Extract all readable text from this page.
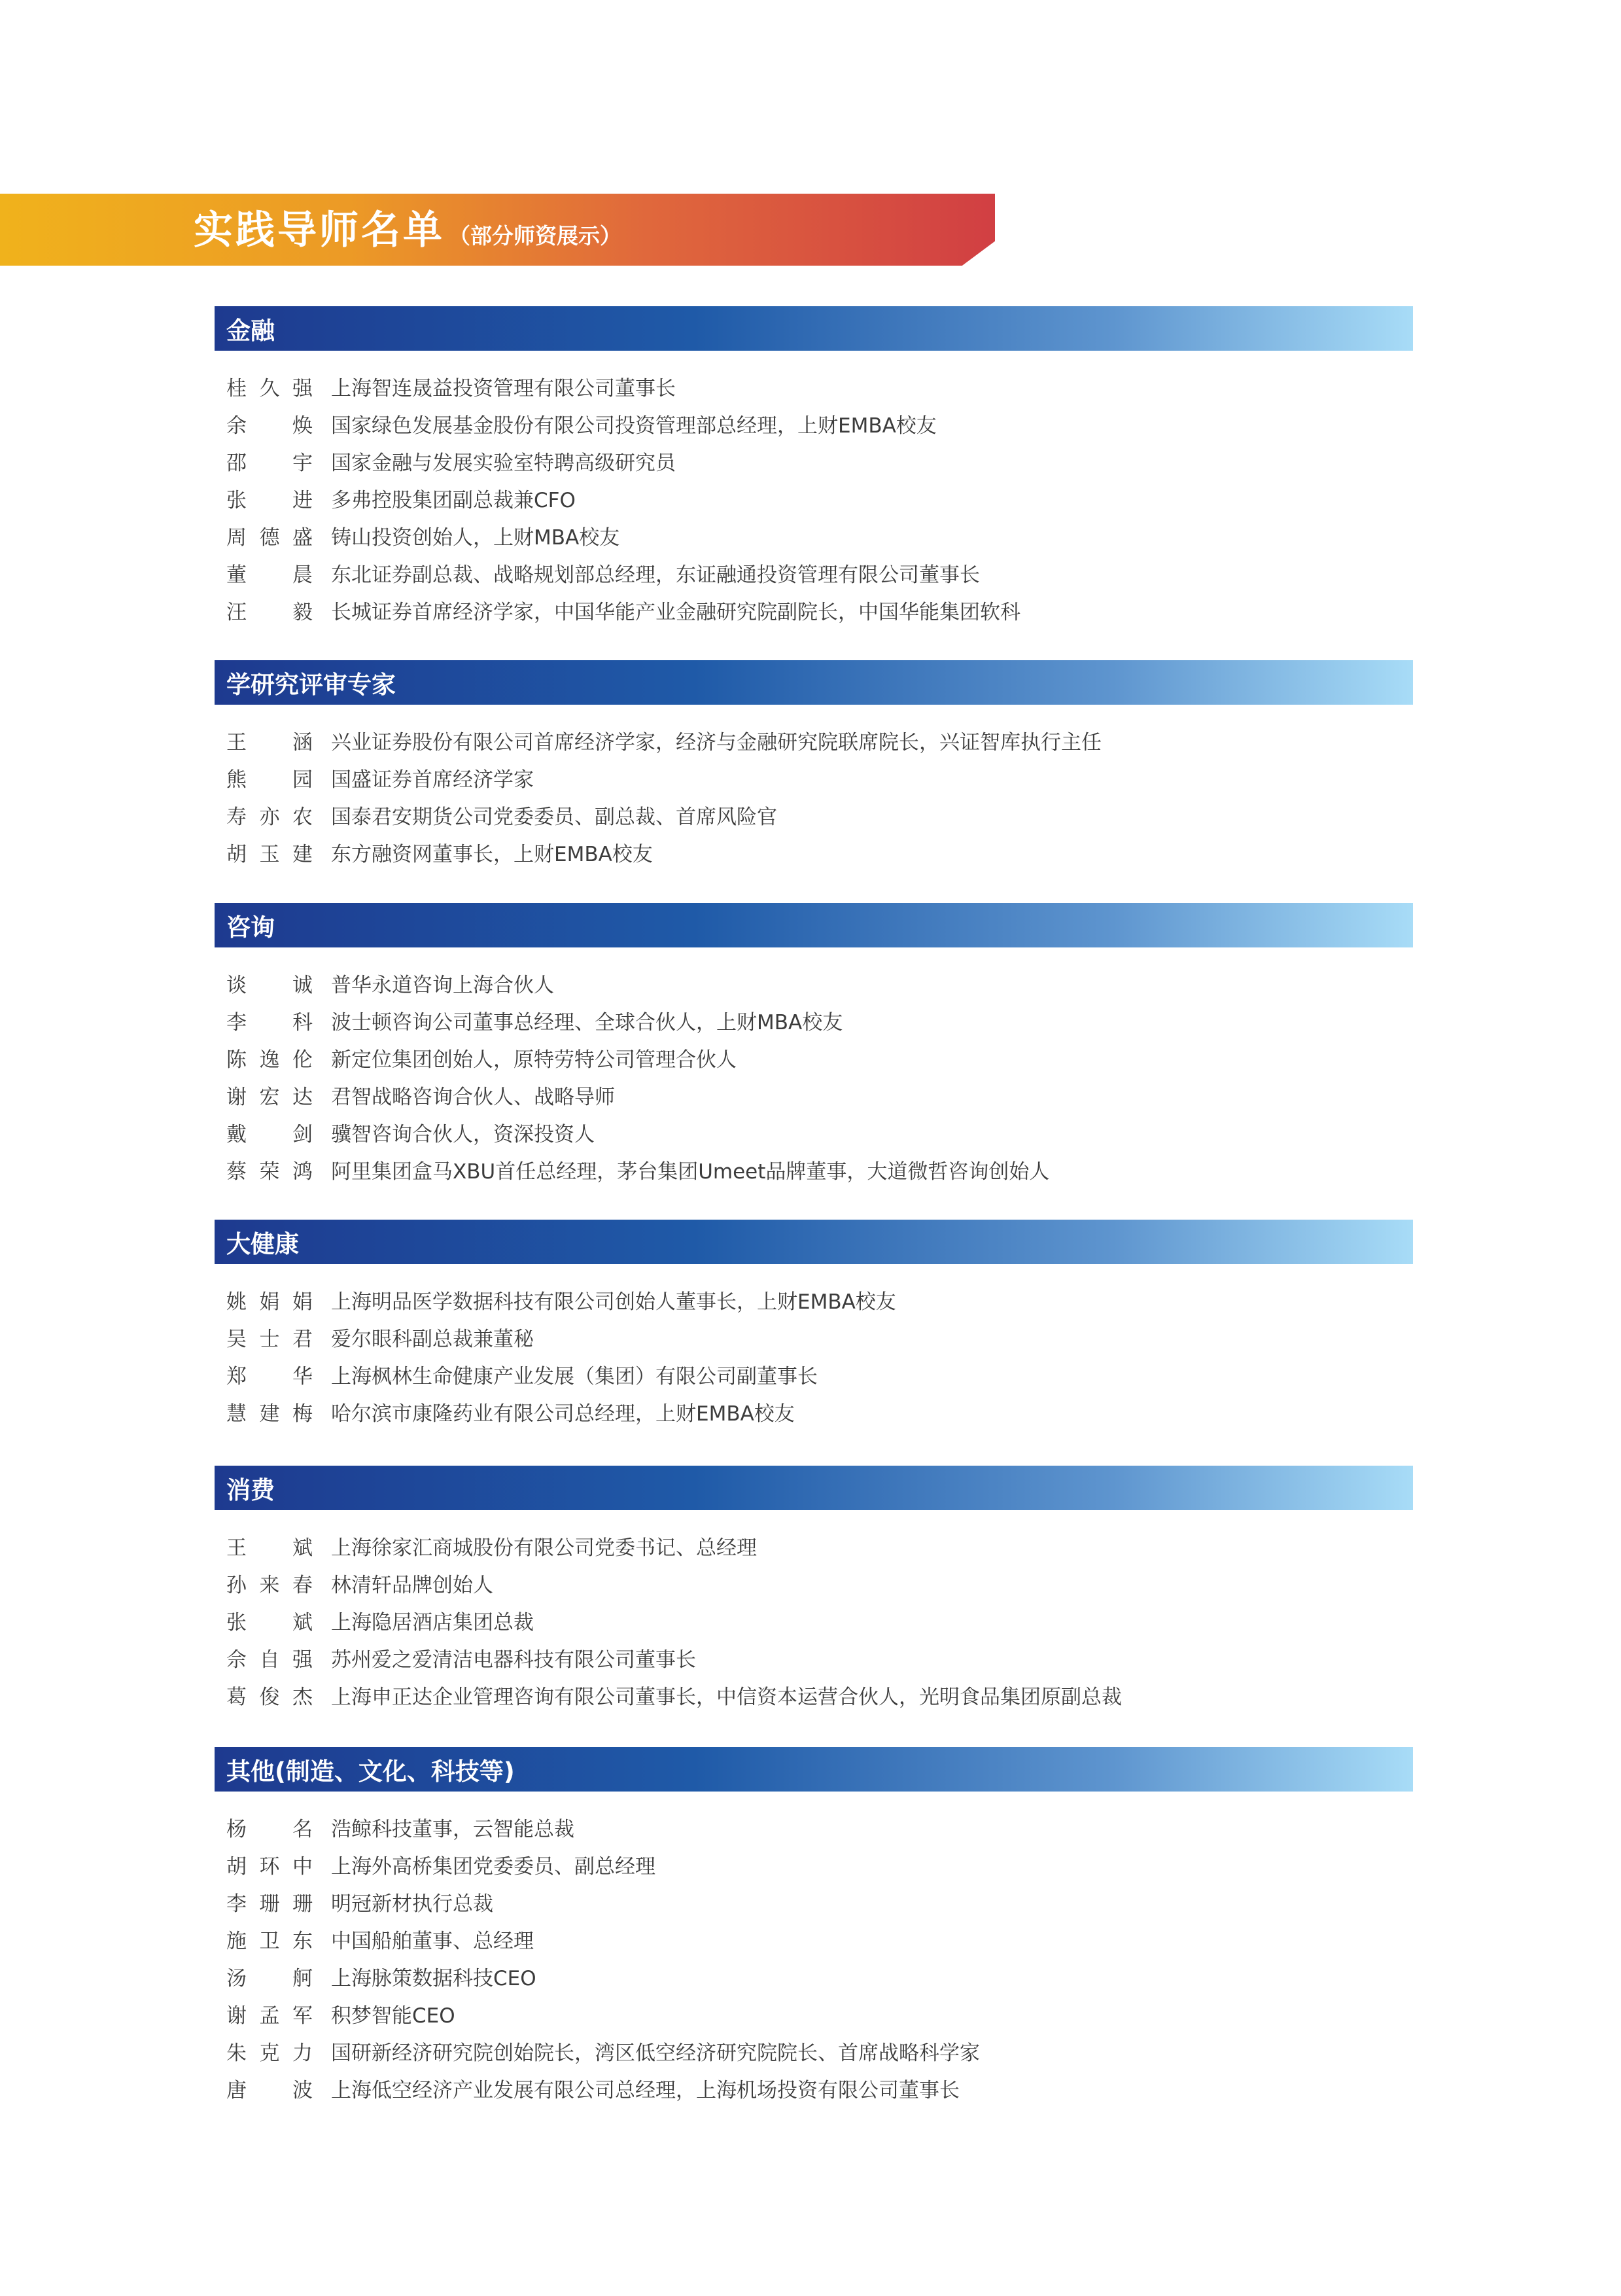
实践导师名单 （部分师资展示）
金融
桂久强 上海智连晟益投资管理有限公司董事长
余　焕 国家绿色发展基金股份有限公司投资管理部总经理，上财EMBA校友
邵　宇 国家金融与发展实验室特聘高级研究员
张　进 多弗控股集团副总裁兼CFO
周德盛 铸山投资创始人，上财MBA校友
董　晨 东北证券副总裁、战略规划部总经理，东证融通投资管理有限公司董事长
汪　毅 长城证券首席经济学家，中国华能产业金融研究院副院长，中国华能集团软科
学研究评审专家
王　涵 兴业证券股份有限公司首席经济学家，经济与金融研究院联席院长，兴证智库执行主任
熊　园 国盛证券首席经济学家
寿亦农 国泰君安期货公司党委委员、副总裁、首席风险官
胡玉建 东方融资网董事长，上财EMBA校友
咨询
谈　诚 普华永道咨询上海合伙人
李　科 波士顿咨询公司董事总经理、全球合伙人，上财MBA校友
陈逸伦 新定位集团创始人，原特劳特公司管理合伙人
谢宏达 君智战略咨询合伙人、战略导师
戴　剑 骥智咨询合伙人，资深投资人
蔡荣鸿 阿里集团盒马XBU首任总经理，茅台集团Umeet品牌董事，大道微哲咨询创始人
大健康
姚娟娟 上海明品医学数据科技有限公司创始人董事长，上财EMBA校友
吴士君 爱尔眼科副总裁兼董秘
郑　华 上海枫林生命健康产业发展（集团）有限公司副董事长
慧建梅 哈尔滨市康隆药业有限公司总经理，上财EMBA校友
消费
王　斌 上海徐家汇商城股份有限公司党委书记、总经理
孙来春 林清轩品牌创始人
张　斌 上海隐居酒店集团总裁
佘自强 苏州爱之爱清洁电器科技有限公司董事长
葛俊杰 上海申正达企业管理咨询有限公司董事长，中信资本运营合伙人，光明食品集团原副总裁
其他(制造、文化、科技等)
杨　名 浩鲸科技董事，云智能总裁
胡环中 上海外高桥集团党委委员、副总经理
李珊珊 明冠新材执行总裁
施卫东 中国船舶董事、总经理
汤　舸 上海脉策数据科技CEO
谢孟军 积梦智能CEO
朱克力 国研新经济研究院创始院长，湾区低空经济研究院院长、首席战略科学家
唐　波 上海低空经济产业发展有限公司总经理，上海机场投资有限公司董事长
